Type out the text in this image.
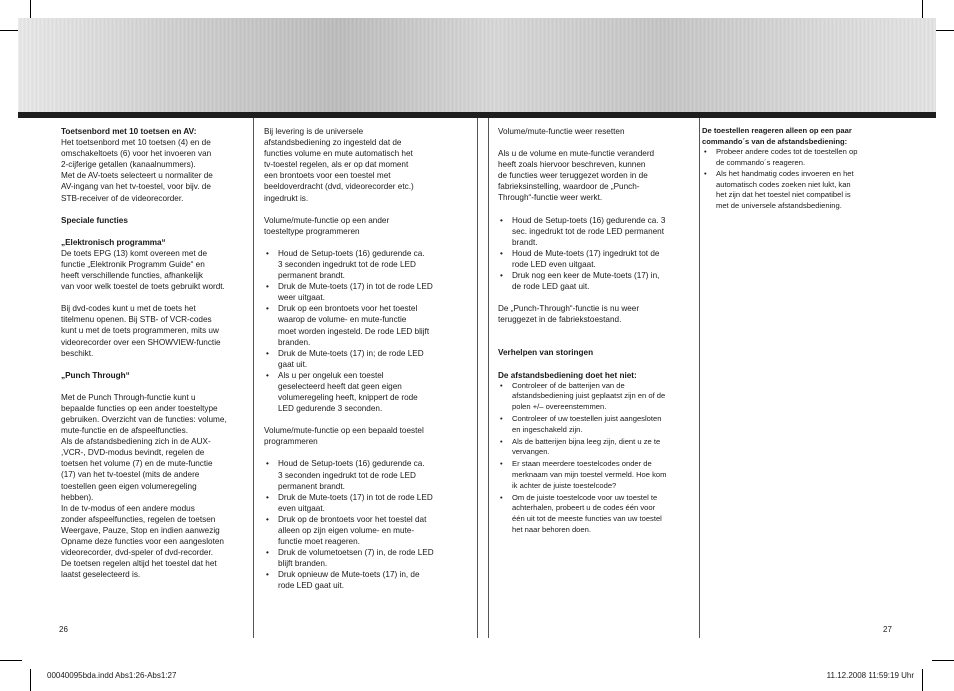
Toetsenbord met 10 toetsen en AV:
Het toetsenbord met 10 toetsen (4) en de
omschakeltoets (6) voor het invoeren van
2-cijferige getallen (kanaalnummers).
Met de AV-toets selecteert u normaliter de
AV-ingang van het tv-toestel, voor bijv. de
STB-receiver of de videorecorder.

Speciale functies

„Elektronisch programma“
De toets EPG (13) komt overeen met de
functie „Elektronik Programm Guide“ en
heeft verschillende functies, afhankelijk
van voor welk toestel de toets gebruikt wordt.

Bij dvd-codes kunt u met de toets het
titelmenu openen. Bij STB- of VCR-codes
kunt u met de toets programmeren, mits uw
videorecorder over een SHOWVIEW-functie
beschikt.

„Punch Through“

Met de Punch Through-functie kunt u
bepaalde functies op een ander toesteltype
gebruiken. Overzicht van de functies: volume,
mute-functie en de afspeelfuncties.
Als de afstandsbediening zich in de AUX-
,VCR-, DVD-modus bevindt, regelen de
toetsen het volume (7) en de mute-functie
(17) van het tv-toestel (mits de andere
toestellen geen eigen volumeregeling
hebben).
In de tv-modus of een andere modus
zonder afspeelfuncties, regelen de toetsen
Weergave, Pauze, Stop en indien aanwezig
Opname deze functies voor een aangesloten
videorecorder, dvd-speler of dvd-recorder.
De toetsen regelen altijd het toestel dat het
laatst geselecteerd is.

Bij levering is de universele
afstandsbediening zo ingesteld dat de
functies volume en mute automatisch het
tv-toestel regelen, als er op dat moment
een brontoets voor een toestel met
beeldoverdracht (dvd, videorecorder etc.)
ingedrukt is.

Volume/mute-functie op een ander
toesteltype programmeren

• Houd de Setup-toets (16) gedurende ca.
3 seconden ingedrukt tot de rode LED
permanent brandt.
• Druk de Mute-toets (17) in tot de rode LED
weer uitgaat.
• Druk op een brontoets voor het toestel
waarop de volume- en mute-functie
moet worden ingesteld. De rode LED blijft
branden.
• Druk de Mute-toets (17) in; de rode LED
gaat uit.
• Als u per ongeluk een toestel
geselecteerd heeft dat geen eigen
volumeregeling heeft, knippert de rode
LED gedurende 3 seconden.

Volume/mute-functie op een bepaald toestel
programmeren

• Houd de Setup-toets (16) gedurende ca.
3 seconden ingedrukt tot de rode LED
permanent brandt.
• Druk de Mute-toets (17) in tot de rode LED
even uitgaat.
• Druk op de brontoets voor het toestel dat
alleen op zijn eigen volume- en mute-
functie moet reageren.
• Druk de volumetoetsen (7) in, de rode LED
blijft branden.
• Druk opnieuw de Mute-toets (17) in, de
rode LED gaat uit.

Volume/mute-functie weer resetten

Als u de volume en mute-functie veranderd
heeft zoals hiervoor beschreven, kunnen
de functies weer teruggezet worden in de
fabrieksinstelling, waardoor de „Punch-
Through“-functie weer werkt.

• Houd de Setup-toets (16) gedurende ca. 3
sec. ingedrukt tot de rode LED permanent
brandt.
• Houd de Mute-toets (17) ingedrukt tot de
rode LED even uitgaat.
• Druk nog een keer de Mute-toets (17) in,
de rode LED gaat uit.

De „Punch-Through“-functie is nu weer
teruggezet in de fabriekstoestand.

Verhelpen van storingen

De afstandsbediening doet het niet:

• Controleer of de batterijen van de
afstandsbediening juist geplaatst zijn en of de
polen +/– overeenstemmen.
• Controleer of uw toestellen juist aangesloten
en ingeschakeld zijn.
• Als de batterijen bijna leeg zijn, dient u ze te
vervangen.
• Er staan meerdere toestelcodes onder de
merknaam van mijn toestel vermeld. Hoe kom
ik achter de juiste toestelcode?
• Om de juiste toestelcode voor uw toestel te
achterhalen, probeert u de codes één voor
één uit tot de meeste functies van uw toestel
het naar behoren doen.

De toestellen reageren alleen op een paar
commando´s van de afstandsbediening:

• Probeer andere codes tot de toestellen op
de commando´s reageren.
• Als het handmatig codes invoeren en het
automatisch codes zoeken niet lukt, kan
het zijn dat het toestel niet compatibel is
met de universele afstandsbediening.
26	27
00040095bda.indd Abs1:26-Abs1:27	11.12.2008 11:59:19 Uhr
